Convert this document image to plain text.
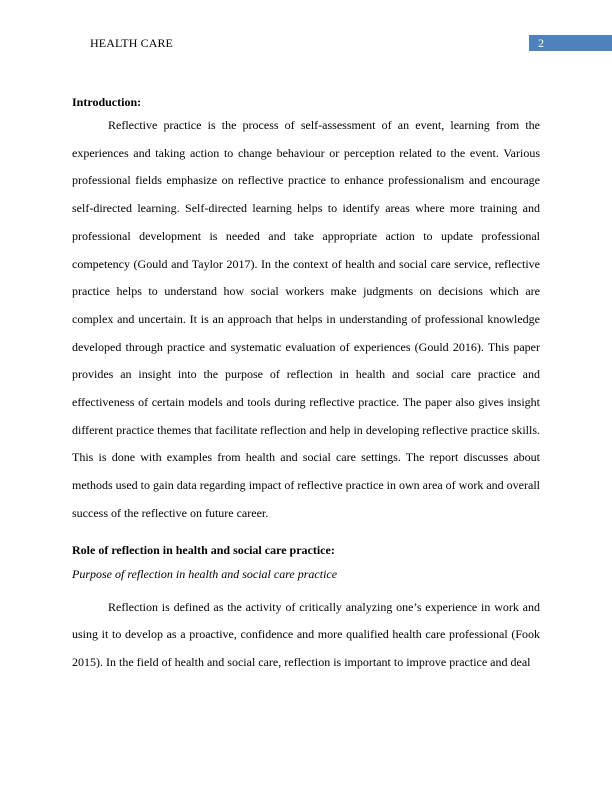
HEALTH CARE	2
Introduction:

Reflective practice is the process of self-assessment of an event, learning from the experiences and taking action to change behaviour or perception related to the event. Various professional fields emphasize on reflective practice to enhance professionalism and encourage self-directed learning. Self-directed learning helps to identify areas where more training and professional development is needed and take appropriate action to update professional competency (Gould and Taylor 2017). In the context of health and social care service, reflective practice helps to understand how social workers make judgments on decisions which are complex and uncertain. It is an approach that helps in understanding of professional knowledge developed through practice and systematic evaluation of experiences (Gould 2016). This paper provides an insight into the purpose of reflection in health and social care practice and effectiveness of certain models and tools during reflective practice. The paper also gives insight different practice themes that facilitate reflection and help in developing reflective practice skills. This is done with examples from health and social care settings. The report discusses about methods used to gain data regarding impact of reflective practice in own area of work and overall success of the reflective on future career.

Role of reflection in health and social care practice:
Purpose of reflection in health and social care practice

Reflection is defined as the activity of critically analyzing one’s experience in work and using it to develop as a proactive, confidence and more qualified health care professional (Fook 2015). In the field of health and social care, reflection is important to improve practice and deal
